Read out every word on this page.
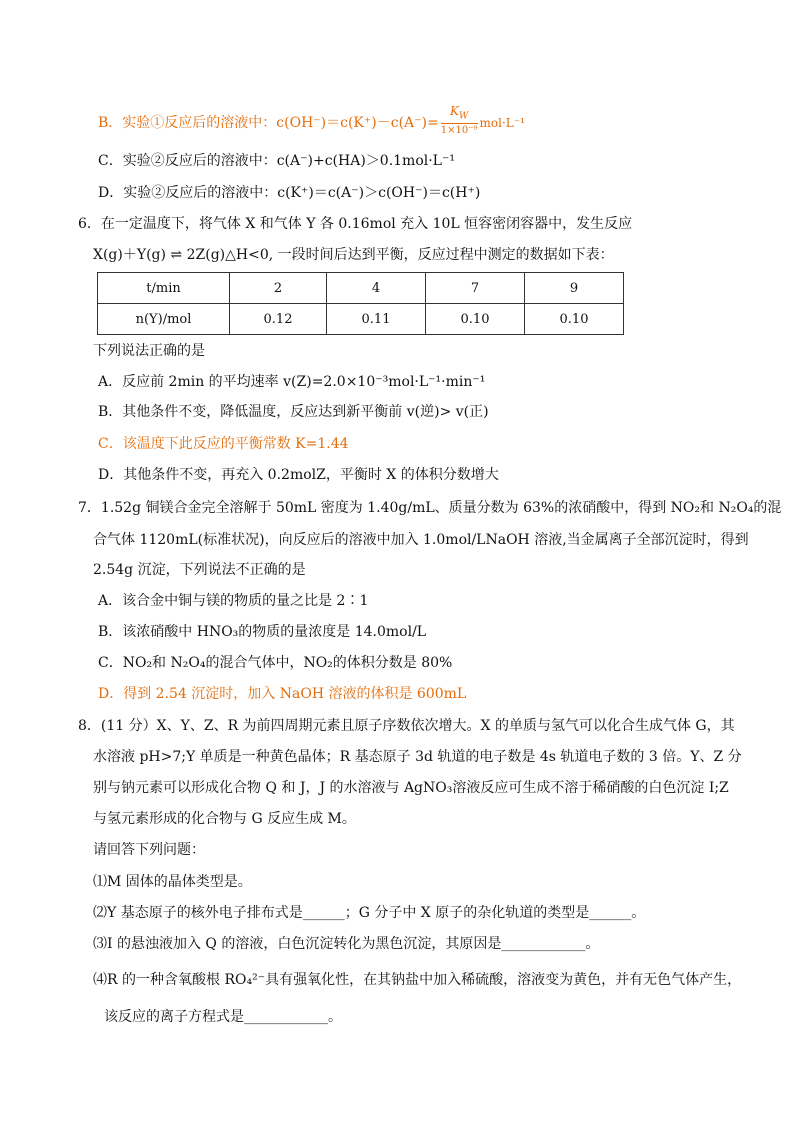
B．实验①反应后的溶液中：$c(OH^-)=c(K^+)-c(A^-)= \frac{K_W}{\text{1×10⁻⁹}} mol\cdot L^{-1}$
C．实验②反应后的溶液中：c(A⁻)+c(HA)＞0.1mol·L⁻¹
D．实验②反应后的溶液中：c(K⁺)＝c(A⁻)＞c(OH⁻)＝c(H⁺)
6．在一定温度下，将气体 X 和气体 Y 各 0.16mol 充入 10L 恒容密闭容器中，发生反应
X(g)＋Y(g) ⇌ 2Z(g)△H<0, 一段时间后达到平衡，反应过程中测定的数据如下表：
t/min	2	4	7	9
n(Y)/mol	0.12	0.11	0.10	0.10
下列说法正确的是
A．反应前 2min 的平均速率 v(Z)=2.0×10⁻³mol·L⁻¹·min⁻¹
B．其他条件不变，降低温度，反应达到新平衡前 v(逆)> v(正)
C．该温度下此反应的平衡常数 K=1.44
D．其他条件不变，再充入 0.2molZ，平衡时 X 的体积分数增大
7．1.52g 铜镁合金完全溶解于 50mL 密度为 1.40g/mL、质量分数为 63%的浓硝酸中，得到 NO₂和 N₂O₄的混
合气体 1120mL(标准状况)，向反应后的溶液中加入 1.0mol/LNaOH 溶液,当金属离子全部沉淀时，得到
2.54g 沉淀，下列说法不正确的是
A．该合金中铜与镁的物质的量之比是 2∶1
B．该浓硝酸中 HNO₃的物质的量浓度是 14.0mol/L
C．NO₂和 N₂O₄的混合气体中，NO₂的体积分数是 80%
D．得到 2.54 沉淀时，加入 NaOH 溶液的体积是 600mL
8．(11 分）X、Y、Z、R 为前四周期元素且原子序数依次增大。X 的单质与氢气可以化合生成气体 G，其
水溶液 pH>7;Y 单质是一种黄色晶体；R 基态原子 3d 轨道的电子数是 4s 轨道电子数的 3 倍。Y、Z 分
别与钠元素可以形成化合物 Q 和 J，J 的水溶液与 AgNO₃溶液反应可生成不溶于稀硝酸的白色沉淀 I;Z
与氢元素形成的化合物与 G 反应生成 M。
请回答下列问题：
⑴M 固体的晶体类型是。
⑵Y 基态原子的核外电子排布式是______；G 分子中 X 原子的杂化轨道的类型是______。
⑶I 的悬浊液加入 Q 的溶液，白色沉淀转化为黑色沉淀，其原因是____________。
⑷R 的一种含氧酸根 RO₄²⁻具有强氧化性，在其钠盐中加入稀硫酸，溶液变为黄色，并有无色气体产生，
该反应的离子方程式是____________。
